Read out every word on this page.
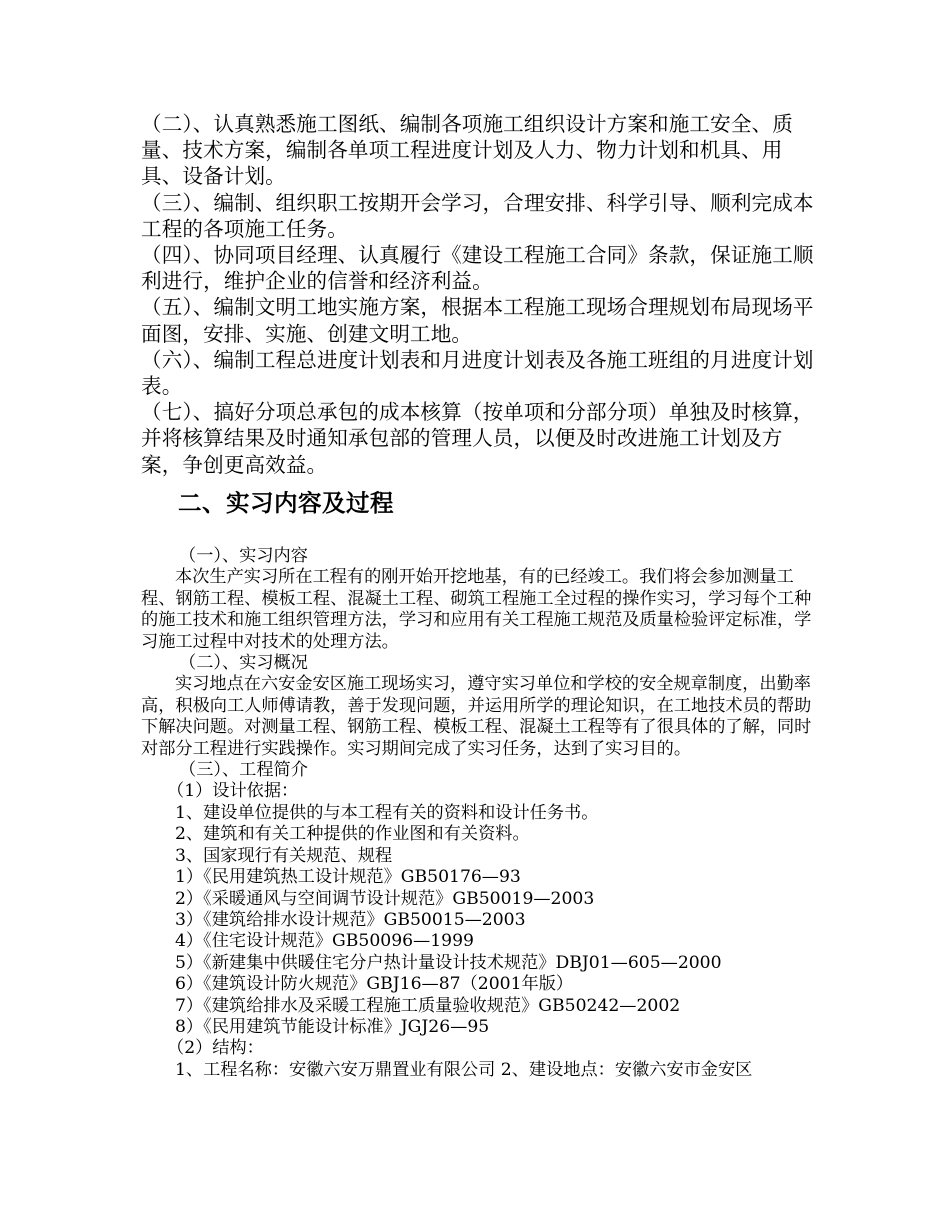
（二）、认真熟悉施工图纸、编制各项施工组织设计方案和施工安全、质量、技术方案，编制各单项工程进度计划及人力、物力计划和机具、用具、设备计划。

（三）、编制、组织职工按期开会学习，合理安排、科学引导、顺利完成本工程的各项施工任务。

（四）、协同项目经理、认真履行《建设工程施工合同》条款，保证施工顺利进行，维护企业的信誉和经济利益。

（五）、编制文明工地实施方案，根据本工程施工现场合理规划布局现场平面图，安排、实施、创建文明工地。

（六）、编制工程总进度计划表和月进度计划表及各施工班组的月进度计划表。

（七）、搞好分项总承包的成本核算（按单项和分部分项）单独及时核算，并将核算结果及时通知承包部的管理人员，以便及时改进施工计划及方案，争创更高效益。

二、实习内容及过程

（一）、实习内容

本次生产实习所在工程有的刚开始开挖地基，有的已经竣工。我们将会参加测量工程、钢筋工程、模板工程、混凝土工程、砌筑工程施工全过程的操作实习，学习每个工种的施工技术和施工组织管理方法，学习和应用有关工程施工规范及质量检验评定标准，学习施工过程中对技术的处理方法。

（二）、实习概况

实习地点在六安金安区施工现场实习，遵守实习单位和学校的安全规章制度，出勤率高，积极向工人师傅请教，善于发现问题，并运用所学的理论知识，在工地技术员的帮助下解决问题。对测量工程、钢筋工程、模板工程、混凝土工程等有了很具体的了解，同时对部分工程进行实践操作。实习期间完成了实习任务，达到了实习目的。

（三）、工程简介

（1）设计依据：

1、建设单位提供的与本工程有关的资料和设计任务书。

2、建筑和有关工种提供的作业图和有关资料。

3、国家现行有关规范、规程

1）《民用建筑热工设计规范》GB50176—93

2）《采暖通风与空间调节设计规范》GB50019—2003

3）《建筑给排水设计规范》GB50015—2003

4）《住宅设计规范》GB50096—1999

5）《新建集中供暖住宅分户热计量设计技术规范》DBJ01—605—2000

6）《建筑设计防火规范》GBJ16—87（2001年版）

7）《建筑给排水及采暖工程施工质量验收规范》GB50242—2002

8）《民用建筑节能设计标准》JGJ26—95

（2）结构：

1、工程名称：安徽六安万鼎置业有限公司 2、建设地点：安徽六安市金安区
